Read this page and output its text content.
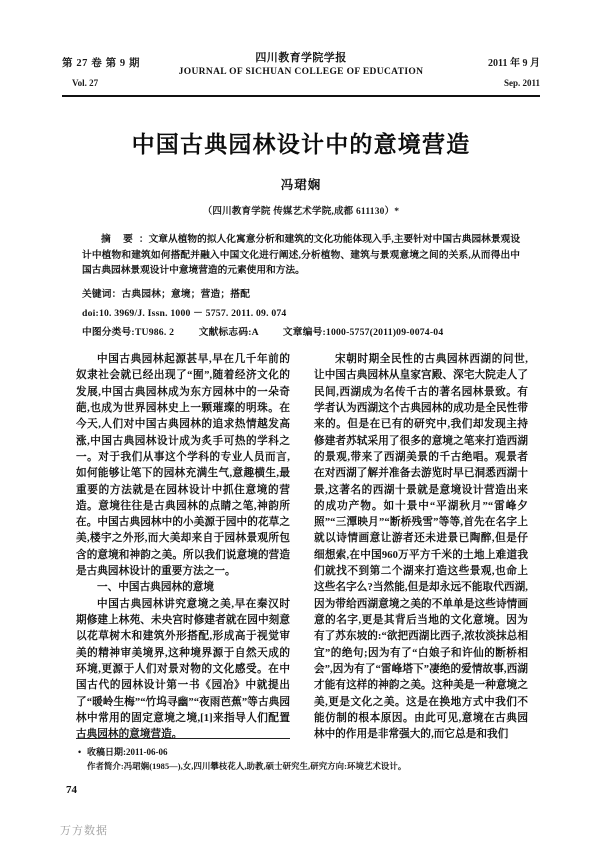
第 27 卷 第 9 期
Vol. 27
四川教育学院学报
JOURNAL OF SICHUAN COLLEGE OF EDUCATION
2011 年 9 月
Sep. 2011
中国古典园林设计中的意境营造
冯珺娴
（四川教育学院 传媒艺术学院,成都 611130）*
摘 要：文章从植物的拟人化寓意分析和建筑的文化功能体现入手,主要针对中国古典园林景观设计中植物和建筑如何搭配并融入中国文化进行阐述,分析植物、建筑与景观意境之间的关系,从而得出中国古典园林景观设计中意境营造的元素使用和方法。
关键词：古典园林；意境；营造；搭配
doi:10. 3969/J. Issn. 1000 － 5757. 2011. 09. 074
中图分类号:TU986. 2	文献标志码:A	文章编号:1000-5757(2011)09-0074-04

中国古典园林起源甚早,早在几千年前的奴隶社会就已经出现了“囿”,随着经济文化的发展,中国古典园林成为东方园林中的一朵奇葩,也成为世界园林史上一颗璀璨的明珠。在今天,人们对中国古典园林的追求热情越发高涨,中国古典园林设计成为炙手可热的学科之一。对于我们从事这个学科的专业人员而言,如何能够让笔下的园林充满生气,意趣横生,最重要的方法就是在园林设计中抓住意境的营造。意境往往是古典园林的点睛之笔,神韵所在。中国古典园林中的小美源于园中的花草之美,楼宇之外形,而大美却来自于园林景观所包含的意境和神韵之美。所以我们说意境的营造是古典园林设计的重要方法之一。

一、中国古典园林的意境

中国古典园林讲究意境之美,早在秦汉时期修建上林苑、未央宫时修建者就在园中刻意以花草树木和建筑外形搭配,形成高于视觉审美的精神审美境界,这种境界源于自然天成的环境,更源于人们对景对物的文化感受。在中国古代的园林设计第一书《园冶》中就提出了“暖岭生梅”“竹坞寻幽”“夜雨芭蕉”等古典园林中常用的固定意境之境,[1]来指导人们配置古典园林的意境营造。

宋朝时期全民性的古典园林西湖的问世,让中国古典园林从皇家宫殿、深宅大院走人了民间,西湖成为名传千古的著名园林景致。有学者认为西湖这个古典园林的成功是全民性带来的。但是在已有的研究中,我们却发现主持修建者苏轼采用了很多的意境之笔来打造西湖的景观,带来了西湖美景的千古绝唱。观景者在对西湖了解并准备去游览时早已洞悉西湖十景,这著名的西湖十景就是意境设计营造出来的成功产物。如十景中“平湖秋月”“雷峰夕照”“三潭映月”“断桥残雪”等等,首先在名字上就以诗情画意让游者还未进景已陶醉,但是仔细想索,在中国960万平方千米的土地上难道我们就找不到第二个湖来打造这些景观,也命上这些名字么?当然能,但是却永远不能取代西湖,因为带给西湖意境之美的不单单是这些诗情画意的名字,更是其背后当地的文化意境。因为有了苏东坡的:“欲把西湖比西子,浓妆淡抹总相宜”的绝句;因为有了“白娘子和许仙的断桥相会”,因为有了“雷峰塔下”凄绝的爱情故事,西湖才能有这样的神韵之美。这种美是一种意境之美,更是文化之美。这是在换地方式中我们不能仿制的根本原因。由此可见,意境在古典园林中的作用是非常强大的,而它总是和我们

• 收稿日期:2011-06-06
作者简介:冯珺娴(1985—),女,四川攀枝花人,助教,硕士研究生,研究方向:环境艺术设计。
74
万方数据
